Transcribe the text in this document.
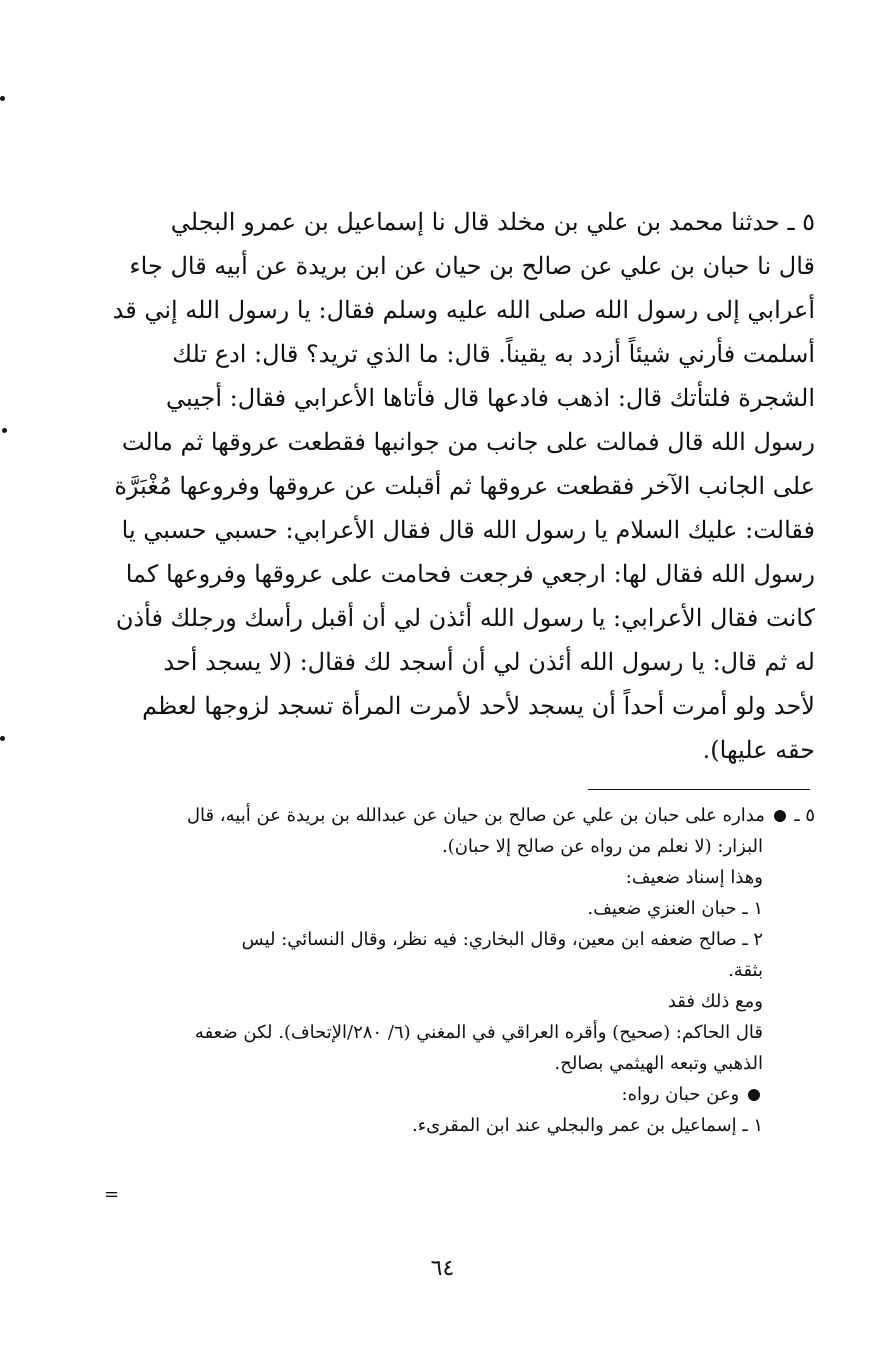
٥ ـ حدثنا محمد بن علي بن مخلد قال نا إسماعيل بن عمرو البجلي
قال نا حبان بن علي عن صالح بن حيان عن ابن بريدة عن أبيه قال جاء
أعرابي إلى رسول الله صلى الله عليه وسلم فقال: يا رسول الله إني قد
أسلمت فأرني شيئاً أزدد به يقيناً. قال: ما الذي تريد؟ قال: ادع تلك
الشجرة فلتأتك قال: اذهب فادعها قال فأتاها الأعرابي فقال: أجيبي
رسول الله قال فمالت على جانب من جوانبها فقطعت عروقها ثم مالت
على الجانب الآخر فقطعت عروقها ثم أقبلت عن عروقها وفروعها مُغْبَرَّة
فقالت: عليك السلام يا رسول الله قال فقال الأعرابي: حسبي حسبي يا
رسول الله فقال لها: ارجعي فرجعت فحامت على عروقها وفروعها كما
كانت فقال الأعرابي: يا رسول الله أئذن لي أن أقبل رأسك ورجلك فأذن
له ثم قال: يا رسول الله أئذن لي أن أسجد لك فقال: (لا يسجد أحد
لأحد ولو أمرت أحداً أن يسجد لأحد لأمرت المرأة تسجد لزوجها لعظم
حقه عليها).
٥ ـ  مداره على حبان بن علي عن صالح بن حيان عن عبدالله بن بريدة عن أبيه، قال
البزار: (لا نعلم من رواه عن صالح إلا حبان).
وهذا إسناد ضعيف:
١ ـ حبان العنزي ضعيف.
٢ ـ صالح ضعفه ابن معين، وقال البخاري: فيه نظر، وقال النسائي: ليس
بثقة.
ومع ذلك فقد
قال الحاكم: (صحيح) وأقره العراقي في المغني (٦/ ٢٨٠/الإتحاف). لكن ضعفه
الذهبي وتبعه الهيثمي بصالح.
وعن حبان رواه:
١ ـ إسماعيل بن عمر والبجلي عند ابن المقرىء.
=
٦٤
